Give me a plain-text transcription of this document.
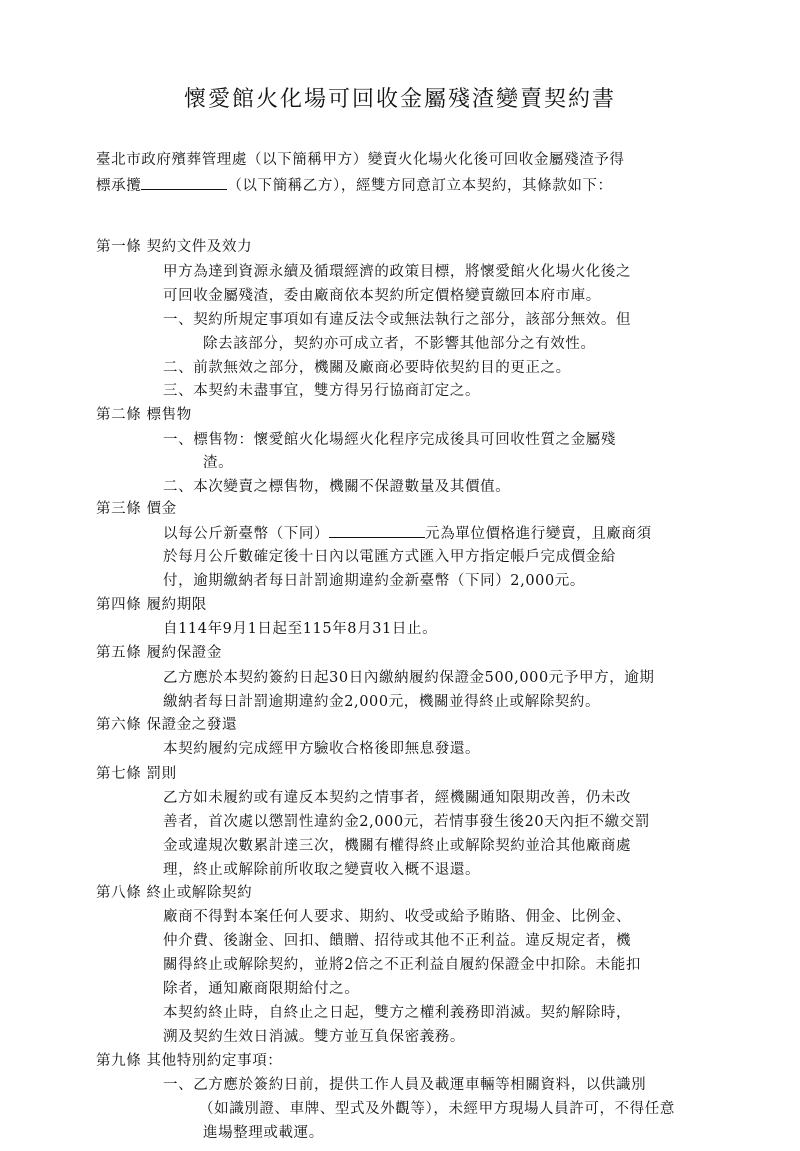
懷愛館火化場可回收金屬殘渣變賣契約書
臺北市政府殯葬管理處（以下簡稱甲方）變賣火化場火化後可回收金屬殘渣予得
標承攬	（以下簡稱乙方），經雙方同意訂立本契約，其條款如下：
第一條 契約文件及效力
甲方為達到資源永續及循環經濟的政策目標，將懷愛館火化場火化後之
可回收金屬殘渣，委由廠商依本契約所定價格變賣繳回本府市庫。
一、契約所規定事項如有違反法令或無法執行之部分，該部分無效。但
除去該部分，契約亦可成立者，不影響其他部分之有效性。
二、前款無效之部分，機關及廠商必要時依契約目的更正之。
三、本契約未盡事宜，雙方得另行協商訂定之。
第二條 標售物
一、標售物：懷愛館火化場經火化程序完成後具可回收性質之金屬殘
渣。
二、本次變賣之標售物，機關不保證數量及其價值。
第三條 價金
以每公斤新臺幣（下同）	元為單位價格進行變賣，且廠商須
於每月公斤數確定後十日內以電匯方式匯入甲方指定帳戶完成價金給
付，逾期繳納者每日計罰逾期違約金新臺幣（下同）2,000元。
第四條 履約期限
自114年9月1日起至115年8月31日止。
第五條 履約保證金
乙方應於本契約簽約日起30日內繳納履約保證金500,000元予甲方，逾期
繳納者每日計罰逾期違約金2,000元，機關並得終止或解除契約。
第六條 保證金之發還
本契約履約完成經甲方驗收合格後即無息發還。
第七條 罰則
乙方如未履約或有違反本契約之情事者，經機關通知限期改善，仍未改
善者，首次處以懲罰性違約金2,000元，若情事發生後20天內拒不繳交罰
金或違規次數累計達三次，機關有權得終止或解除契約並洽其他廠商處
理，終止或解除前所收取之變賣收入概不退還。
第八條 終止或解除契約
廠商不得對本案任何人要求、期約、收受或給予賄賂、佣金、比例金、
仲介費、後謝金、回扣、饋贈、招待或其他不正利益。違反規定者，機
關得終止或解除契約，並將2倍之不正利益自履約保證金中扣除。未能扣
除者，通知廠商限期給付之。
本契約終止時，自終止之日起，雙方之權利義務即消滅。契約解除時，
溯及契約生效日消滅。雙方並互負保密義務。
第九條 其他特別約定事項：
一、乙方應於簽約日前，提供工作人員及載運車輛等相關資料，以供識別
（如識別證、車牌、型式及外觀等），未經甲方現場人員許可，不得任意
進場整理或載運。
